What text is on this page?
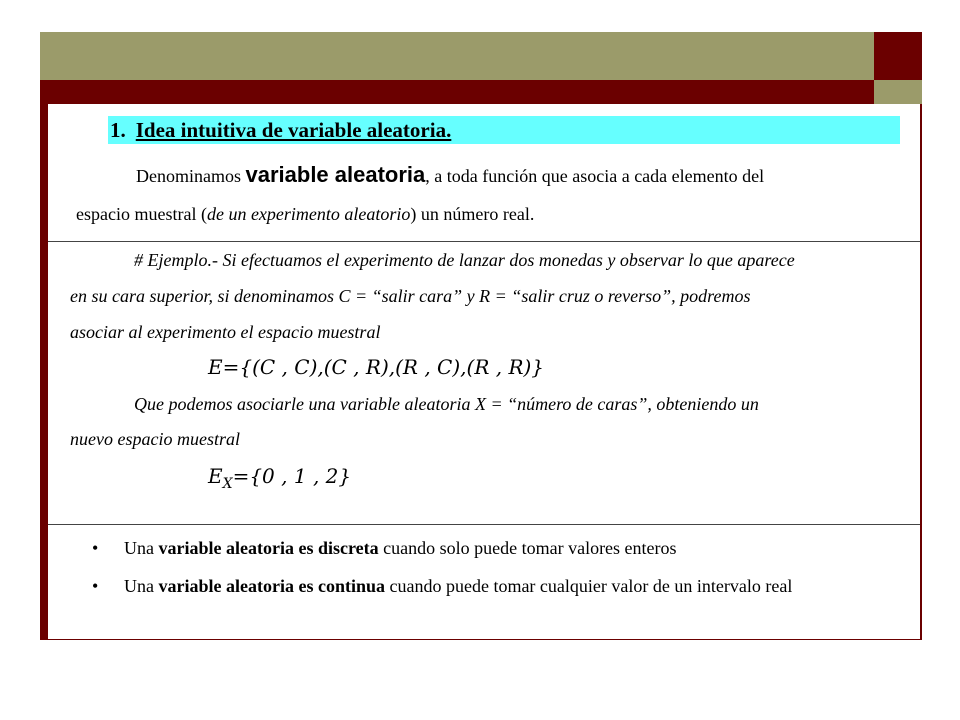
1. Idea intuitiva de variable aleatoria.
Denominamos variable aleatoria, a toda función que asocia a cada elemento del
espacio muestral (de un experimento aleatorio) un número real.
# Ejemplo.- Si efectuamos el experimento de lanzar dos monedas y observar lo que aparece
en su cara superior, si denominamos C = “salir cara” y R = “salir cruz o reverso”, podremos
asociar al experimento el espacio muestral
E={(C , C),(C , R),(R , C),(R , R)}
Que podemos asociarle una variable aleatoria X = “número de caras”, obteniendo un
nuevo espacio muestral
$E_X=\{0$ , 1 , 2}
• Una variable aleatoria es discreta cuando solo puede tomar valores enteros
• Una variable aleatoria es continua cuando puede tomar cualquier valor de un intervalo real
